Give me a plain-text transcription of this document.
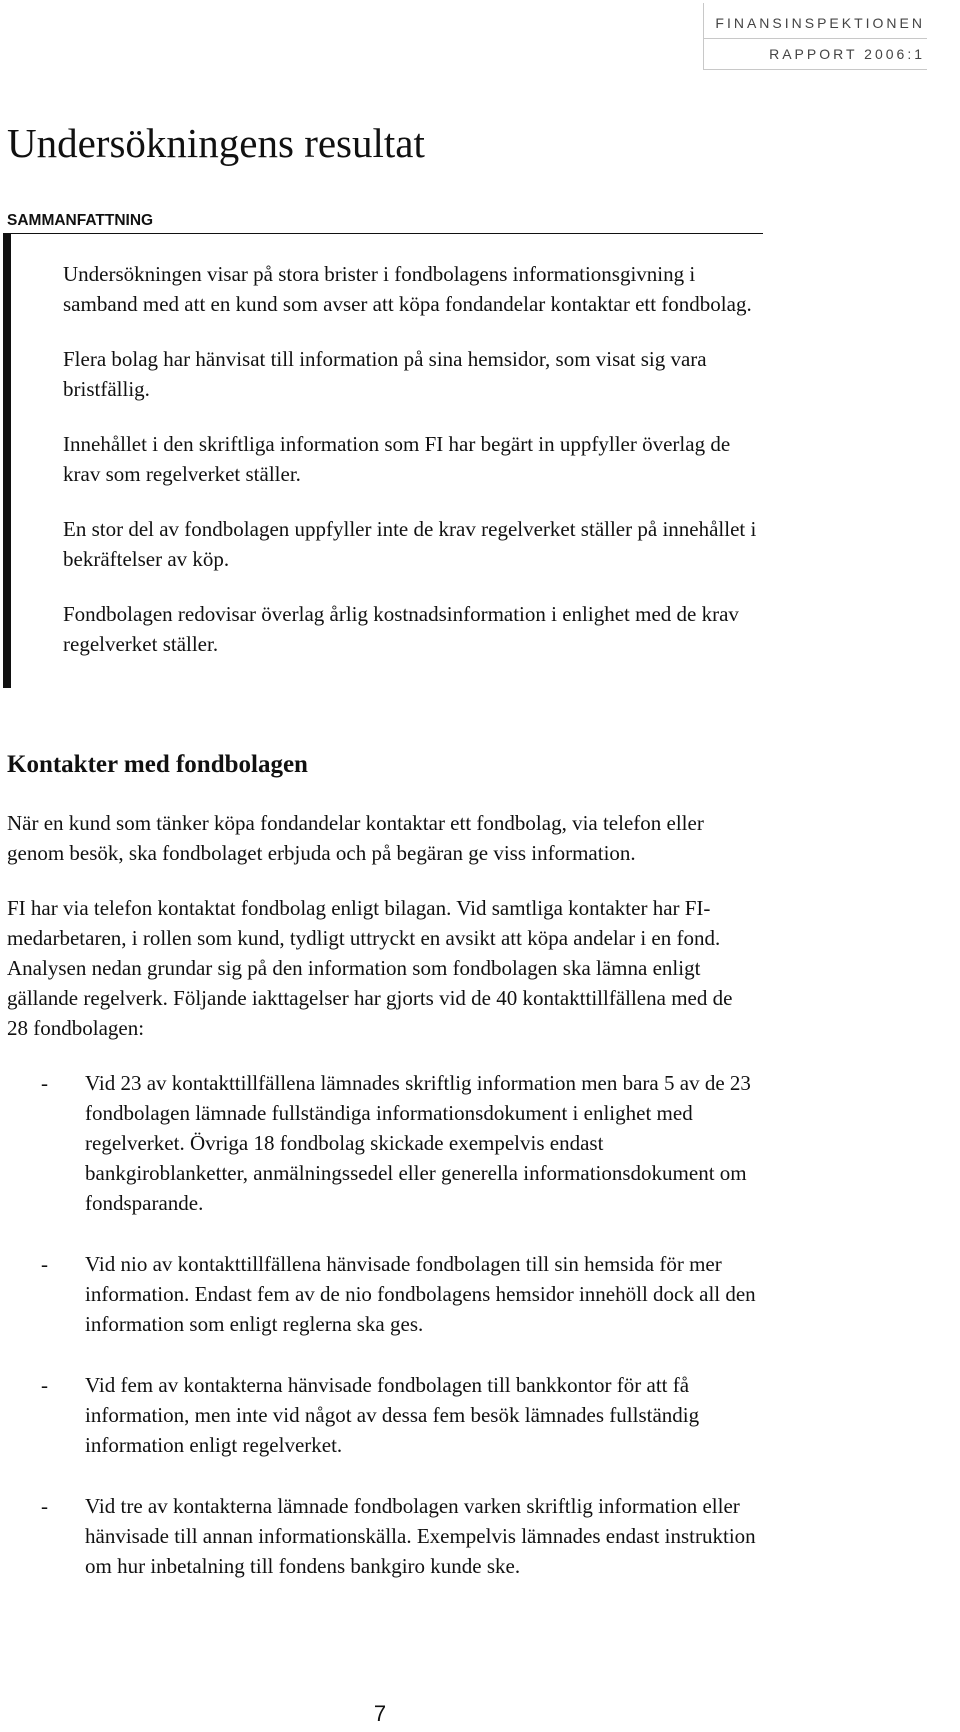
FINANSINSPEKTIONEN
RAPPORT 2006:1
Undersökningens resultat
SAMMANFATTNING

Undersökningen visar på stora brister i fondbolagens informationsgivning i samband med att en kund som avser att köpa fondandelar kontaktar ett fondbolag.

Flera bolag har hänvisat till information på sina hemsidor, som visat sig vara bristfällig.

Innehållet i den skriftliga information som FI har begärt in uppfyller överlag de krav som regelverket ställer.

En stor del av fondbolagen uppfyller inte de krav regelverket ställer på innehållet i bekräftelser av köp.

Fondbolagen redovisar överlag årlig kostnadsinformation i enlighet med de krav regelverket ställer.

Kontakter med fondbolagen

När en kund som tänker köpa fondandelar kontaktar ett fondbolag, via telefon eller genom besök, ska fondbolaget erbjuda och på begäran ge viss information.

FI har via telefon kontaktat fondbolag enligt bilagan. Vid samtliga kontakter har FI-medarbetaren, i rollen som kund, tydligt uttryckt en avsikt att köpa andelar i en fond. Analysen nedan grundar sig på den information som fondbolagen ska lämna enligt gällande regelverk. Följande iakttagelser har gjorts vid de 40 kontakttillfällena med de 28 fondbolagen:

- Vid 23 av kontakttillfällena lämnades skriftlig information men bara 5 av de 23 fondbolagen lämnade fullständiga informationsdokument i enlighet med regelverket. Övriga 18 fondbolag skickade exempelvis endast bankgiroblanketter, anmälningssedel eller generella informationsdokument om fondsparande.
- Vid nio av kontakttillfällena hänvisade fondbolagen till sin hemsida för mer information. Endast fem av de nio fondbolagens hemsidor innehöll dock all den information som enligt reglerna ska ges.
- Vid fem av kontakterna hänvisade fondbolagen till bankkontor för att få information, men inte vid något av dessa fem besök lämnades fullständig information enligt regelverket.
- Vid tre av kontakterna lämnade fondbolagen varken skriftlig information eller hänvisade till annan informationskälla. Exempelvis lämnades endast instruktion om hur inbetalning till fondens bankgiro kunde ske.
7
